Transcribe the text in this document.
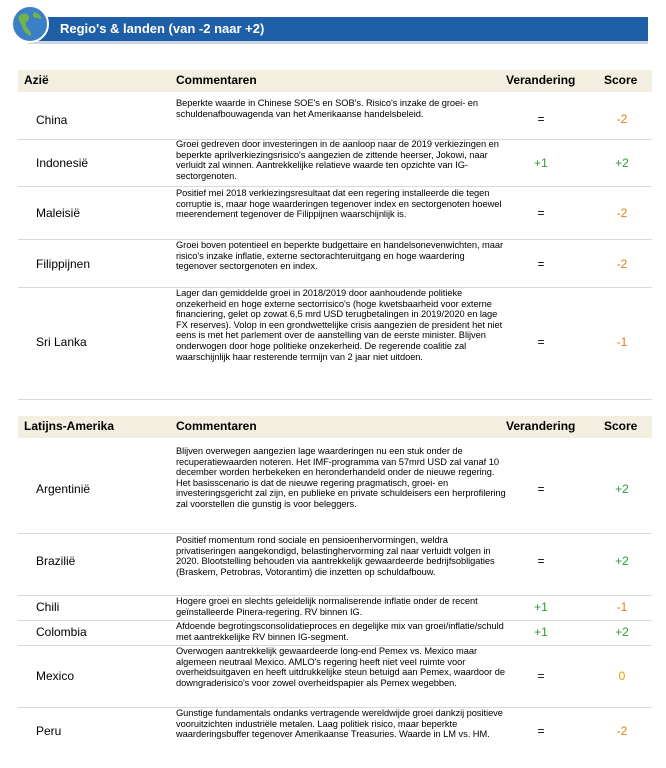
Regio's & landen (van -2 naar +2)
Azië	Commentaren	Verandering Score
China
Beperkte waarde in Chinese SOE's en SOB's. Risico's inzake de groei- en schuldenafbouwagenda van het Amerikaanse handelsbeleid.	=	-2
Indonesië
Groei gedreven door investeringen in de aanloop naar de 2019 verkiezingen en beperkte aprilverkiezingsrisico's aangezien de zittende heerser, Jokowi, naar verluidt zal winnen. Aantrekkelijke relatieve waarde ten opzichte van IG-sectorgenoten.
+1	+2
Maleisië
Positief mei 2018 verkiezingsresultaat dat een regering installeerde die tegen corruptie is, maar hoge waarderingen tegenover index en sectorgenoten hoewel meerendement tegenover de Filippijnen waarschijnlijk is.	=	-2
Filippijnen
Groei boven potentieel en beperkte budgettaire en handelsonevenwichten, maar risico's inzake inflatie, externe sectorachteruitgang en hoge waardering tegenover sectorgenoten en index.	=	-2
Sri Lanka
Lager dan gemiddelde groei in 2018/2019 door aanhoudende politieke onzekerheid en hoge externe sectorrisico's (hoge kwetsbaarheid voor externe financiering, gelet op zowat 6,5 mrd USD terugbetalingen in 2019/2020 en lage FX reserves). Volop in een grondwettelijke crisis aangezien de president het niet eens is met het parlement over de aanstelling van de eerste minister. Blijven onderwogen door hoge politieke onzekerheid. De regerende coalitie zal waarschijnlijk haar resterende termijn van 2 jaar niet uitdoen.
=	-1
Latijns-Amerika	Commentaren	Verandering Score
Argentinië
Blijven overwegen aangezien lage waarderingen nu een stuk onder de recuperatiewaarden noteren. Het IMF-programma van 57mrd USD zal vanaf 10 december worden herbekeken en heronderhandeld onder de nieuwe regering. Het basisscenario is dat de nieuwe regering pragmatisch, groei- en investeringsgericht zal zijn, en publieke en private schuldeisers een herprofilering zal voorstellen die gunstig is voor beleggers.
=	+2
Brazilië
Positief momentum rond sociale en pensioenhervormingen, weldra privatiseringen aangekondigd, belastinghervorming zal naar verluidt volgen in 2020. Blootstelling behouden via aantrekkelijk gewaardeerde bedrijfsobligaties (Braskem, Petrobras, Votorantim) die inzetten op schuldafbouw.
=	+2
Chili	Hogere groei en slechts geleidelijk normaliserende inflatie onder de recent geïnstalleerde Pinera-regering. RV binnen IG.	+1	-1
Colombia	Afdoende begrotingsconsolidatieproces en degelijke mix van groei/inflatie/schuld met aantrekkelijke RV binnen IG-segment.	+1	+2
Mexico
Overwogen aantrekkelijk gewaardeerde long-end Pemex vs. Mexico maar algemeen neutraal Mexico. AMLO's regering heeft niet veel ruimte voor overheidsuitgaven en heeft uitdrukkelijke steun betuigd aan Pemex, waardoor de downgraderisico's voor zowel overheidspapier als Pemex wegebben.	=	0
Peru
Gunstige fundamentals ondanks vertragende wereldwijde groei dankzij positieve vooruitzichten industriële metalen. Laag politiek risico, maar beperkte waarderingsbuffer tegenover Amerikaanse Treasuries. Waarde in LM vs. HM.	=	-2
